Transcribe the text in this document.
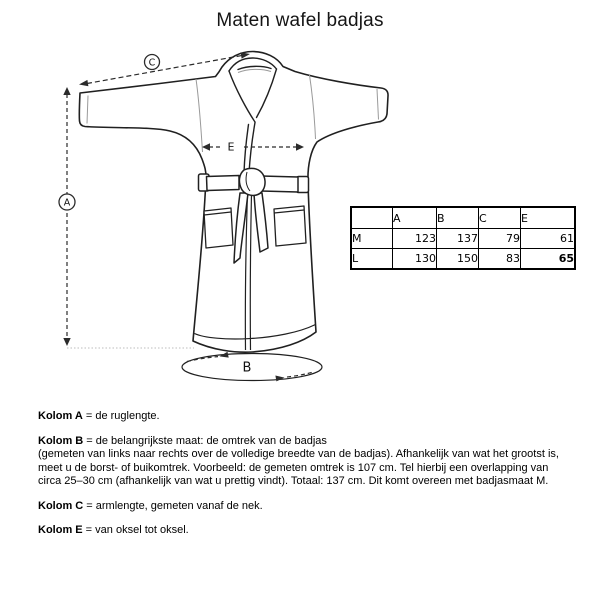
Maten wafel badjas
A
C
E
B
	A	B	C	E
M	123	137	79	61
L	130	150	83	65

Kolom A = de ruglengte.

Kolom B = de belangrijkste maat: de omtrek van de badjas
(gemeten van links naar rechts over de volledige breedte van de badjas). Afhankelijk van wat het grootst is,
meet u de borst- of buikomtrek. Voorbeeld: de gemeten omtrek is 107 cm. Tel hierbij een overlapping van
circa 25–30 cm (afhankelijk van wat u prettig vindt). Totaal: 137 cm. Dit komt overeen met badjasmaat M.

Kolom C = armlengte, gemeten vanaf de nek.

Kolom E = van oksel tot oksel.
